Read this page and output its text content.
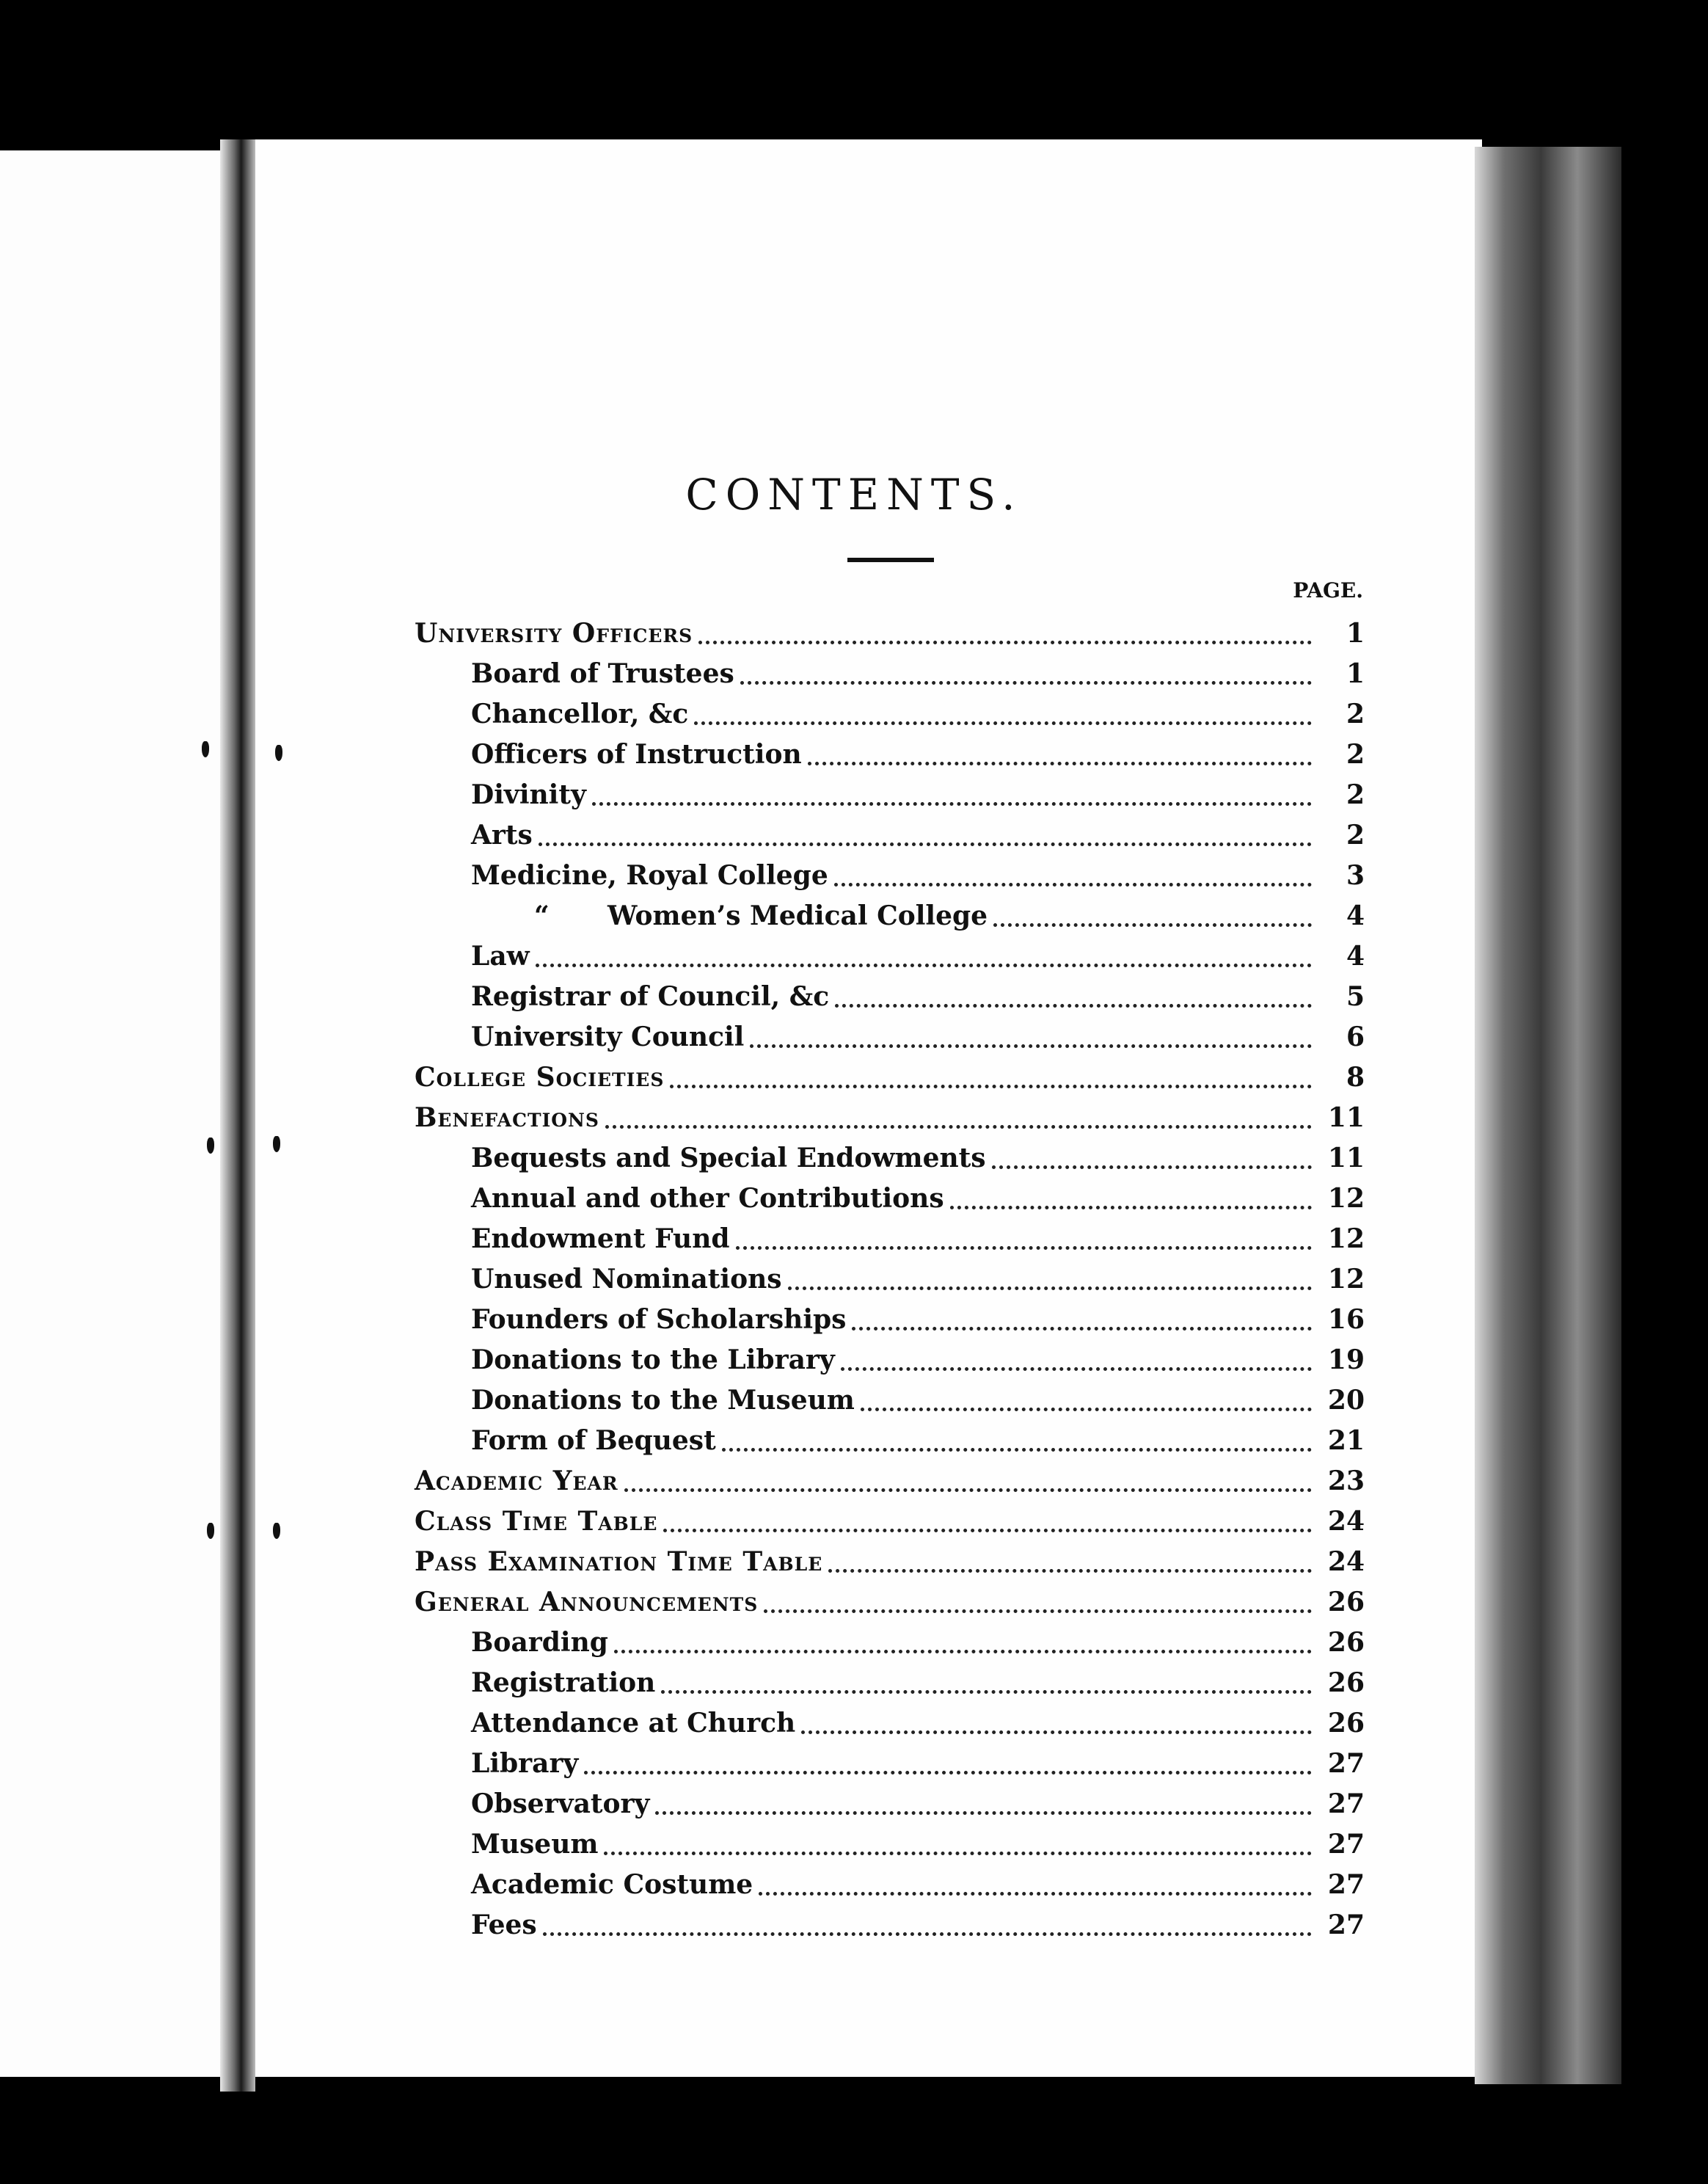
CONTENTS.
PAGE.
University Officers	1
Board of Trustees	1
Chancellor, &c	2
Officers of Instruction	2
Divinity	2
Arts	2
Medicine, Royal College	3
“ Women’s Medical College	4
Law	4
Registrar of Council, &c	5
University Council	6
College Societies	8
Benefactions	11
Bequests and Special Endowments	11
Annual and other Contributions	12
Endowment Fund	12
Unused Nominations	12
Founders of Scholarships	16
Donations to the Library	19
Donations to the Museum	20
Form of Bequest	21
Academic Year	23
Class Time Table	24
Pass Examination Time Table	24
General Announcements	26
Boarding	26
Registration	26
Attendance at Church	26
Library	27
Observatory	27
Museum	27
Academic Costume	27
Fees	27
